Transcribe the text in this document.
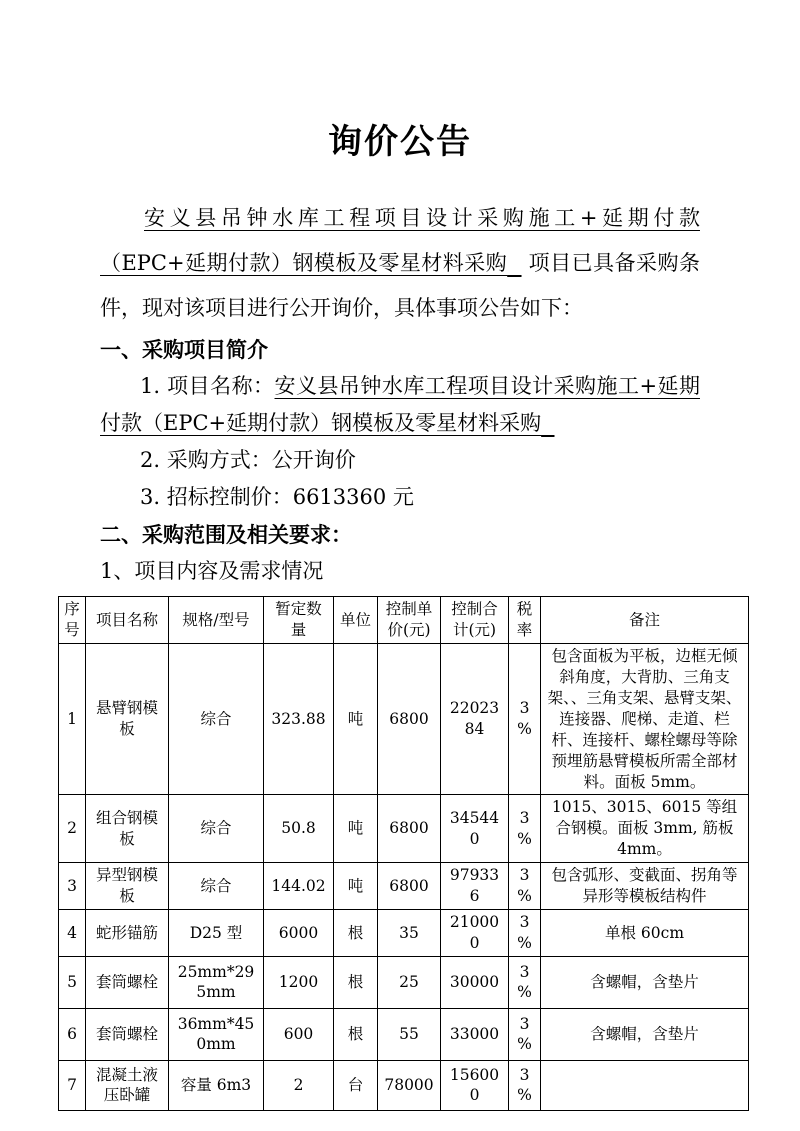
询价公告

安义县吊钟水库工程项目设计采购施工+延期付款（EPC+延期付款）钢模板及零星材料采购 项目已具备采购条件，现对该项目进行公开询价，具体事项公告如下：

一、采购项目简介

1. 项目名称：安义县吊钟水库工程项目设计采购施工+延期付款（EPC+延期付款）钢模板及零星材料采购

2. 采购方式：公开询价

3. 招标控制价：6613360 元

二、采购范围及相关要求：

1、项目内容及需求情况

序号	项目名称	规格/型号	暂定数量	单位	控制单价(元)	控制合计(元)	税率	备注
1	悬臂钢模板	综合	323.88	吨	6800	2202384	3%	包含面板为平板，边框无倾斜角度，大背肋、三角支架、、三角支架、悬臂支架、连接器、爬梯、走道、栏杆、连接杆、螺栓螺母等除预埋筋悬臂模板所需全部材料。面板 5mm。
2	组合钢模板	综合	50.8	吨	6800	345440	3%	1015、3015、6015 等组合钢模。面板 3mm, 筋板 4mm。
3	异型钢模板	综合	144.02	吨	6800	979336	3%	包含弧形、变截面、拐角等异形等模板结构件
4	蛇形锚筋	D25 型	6000	根	35	210000	3%	单根 60cm
5	套筒螺栓	25mm*295mm	1200	根	25	30000	3%	含螺帽，含垫片
6	套筒螺栓	36mm*450mm	600	根	55	33000	3%	含螺帽，含垫片
7	混凝土液压卧罐	容量 6m3	2	台	78000	156000	3%	
